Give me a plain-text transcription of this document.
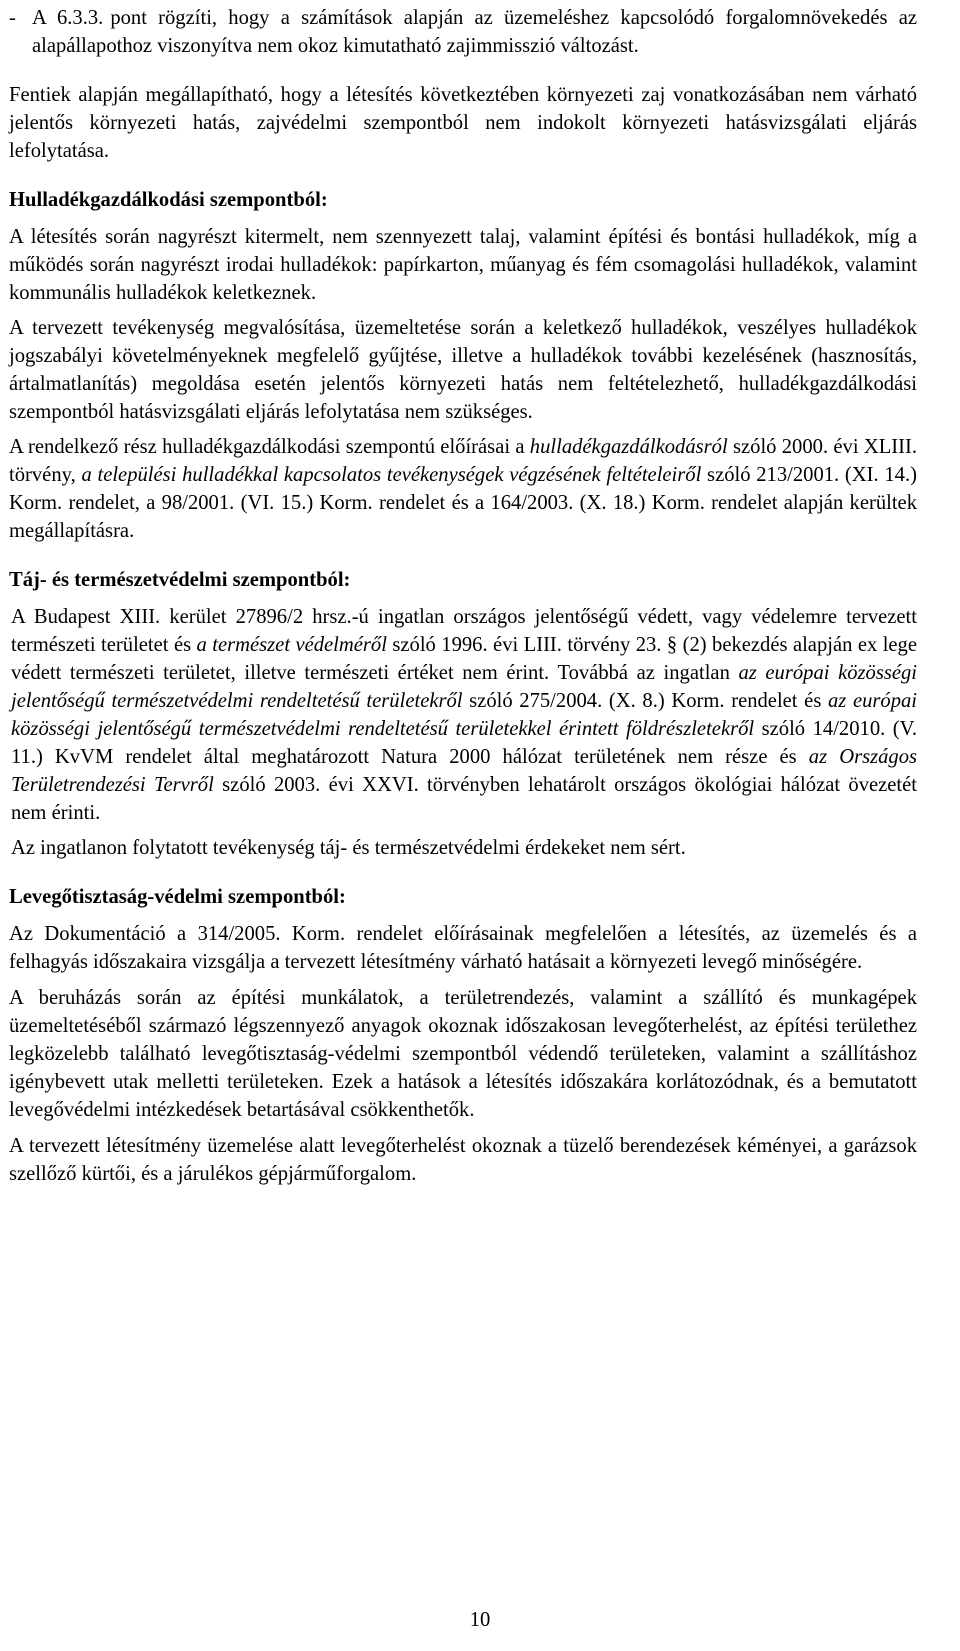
- A 6.3.3. pont rögzíti, hogy a számítások alapján az üzemeléshez kapcsolódó forgalomnövekedés az alapállapothoz viszonyítva nem okoz kimutatható zajimmisszió változást.

Fentiek alapján megállapítható, hogy a létesítés következtében környezeti zaj vonatkozásában nem várható jelentős környezeti hatás, zajvédelmi szempontból nem indokolt környezeti hatásvizsgálati eljárás lefolytatása.

Hulladékgazdálkodási szempontból:

A létesítés során nagyrészt kitermelt, nem szennyezett talaj, valamint építési és bontási hulladékok, míg a működés során nagyrészt irodai hulladékok: papírkarton, műanyag és fém csomagolási hulladékok, valamint kommunális hulladékok keletkeznek.

A tervezett tevékenység megvalósítása, üzemeltetése során a keletkező hulladékok, veszélyes hulladékok jogszabályi követelményeknek megfelelő gyűjtése, illetve a hulladékok további kezelésének (hasznosítás, ártalmatlanítás) megoldása esetén jelentős környezeti hatás nem feltételezhető, hulladékgazdálkodási szempontból hatásvizsgálati eljárás lefolytatása nem szükséges.

A rendelkező rész hulladékgazdálkodási szempontú előírásai a hulladékgazdálkodásról szóló 2000. évi XLIII. törvény, a települési hulladékkal kapcsolatos tevékenységek végzésének feltételeiről szóló 213/2001. (XI. 14.) Korm. rendelet, a 98/2001. (VI. 15.) Korm. rendelet és a 164/2003. (X. 18.) Korm. rendelet alapján kerültek megállapításra.

Táj- és természetvédelmi szempontból:

A Budapest XIII. kerület 27896/2 hrsz.-ú ingatlan országos jelentőségű védett, vagy védelemre tervezett természeti területet és a természet védelméről szóló 1996. évi LIII. törvény 23. § (2) bekezdés alapján ex lege védett természeti területet, illetve természeti értéket nem érint. Továbbá az ingatlan az európai közösségi jelentőségű természetvédelmi rendeltetésű területekről szóló 275/2004. (X. 8.) Korm. rendelet és az európai közösségi jelentőségű természetvédelmi rendeltetésű területekkel érintett földrészletekről szóló 14/2010. (V. 11.) KvVM rendelet által meghatározott Natura 2000 hálózat területének nem része és az Országos Területrendezési Tervről szóló 2003. évi XXVI. törvényben lehatárolt országos ökológiai hálózat övezetét nem érinti.

Az ingatlanon folytatott tevékenység táj- és természetvédelmi érdekeket nem sért.

Levegőtisztaság-védelmi szempontból:

Az Dokumentáció a 314/2005. Korm. rendelet előírásainak megfelelően a létesítés, az üzemelés és a felhagyás időszakaira vizsgálja a tervezett létesítmény várható hatásait a környezeti levegő minőségére.

A beruházás során az építési munkálatok, a területrendezés, valamint a szállító és munkagépek üzemeltetéséből származó légszennyező anyagok okoznak időszakosan levegőterhelést, az építési területhez legközelebb található levegőtisztaság-védelmi szempontból védendő területeken, valamint a szállításhoz igénybevett utak melletti területeken. Ezek a hatások a létesítés időszakára korlátozódnak, és a bemutatott levegővédelmi intézkedések betartásával csökkenthetők.

A tervezett létesítmény üzemelése alatt levegőterhelést okoznak a tüzelő berendezések kéményei, a garázsok szellőző kürtői, és a járulékos gépjárműforgalom.

10
